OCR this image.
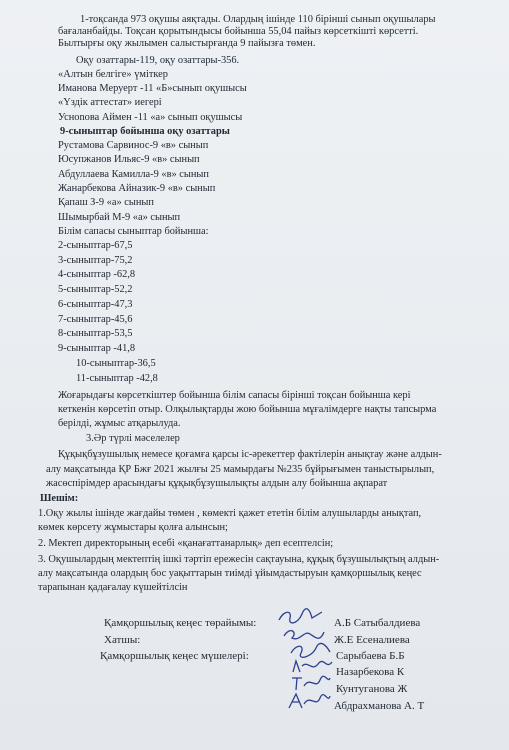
1-тоқсанда 973 оқушы аяқтады. Олардың ішінде 110 бірінші сынып оқушылары
бағаланбайды. Тоқсан қорытындысы бойынша 55,04 пайыз көрсеткішті көрсетті.
Былтырғы оқу жылымен салыстырғанда 9 пайызға төмен.
Оқу озаттары-119, оқу озаттары-356.
«Алтын белгіге» үміткер
Иманова Меруерт -11 «Б»сынып оқушысы
«Үздік аттестат» иегері
Усноnова Аймен -11 «а» сынып оқушысы
9-сыныптар бойынша оқу озаттары
Рустамова Сарвинос-9 «в» сынып
Юсупжанов Ильяс-9 «в» сынып
Абдуллаева Камилла-9 «в» сынып
Жанарбекова Айназик-9 «в» сынып
Қапаш З-9 «а» сынып
Шымырбай М-9 «а» сынып
Білім сапасы сыныптар бойынша:
2-сыныптар-67,5
3-сыныптар-75,2
4-сыныптар -62,8
5-сыныптар-52,2
6-сыныптар-47,3
7-сыныптар-45,6
8-сыныптар-53,5
9-сыныптар -41,8
10-сыныптар-36,5
11-сыныптар -42,8
Жоғарыдағы көрсеткіштер бойынша білім сапасы бірінші тоқсан бойынша кері
кеткенін көрсетіп отыр. Олқылықтарды жою бойынша мұғалімдерге нақты тапсырма
берілді, жұмыс атқарылуда.
3.Әр түрлі мәселелер
Құқықбұзушылық немесе қоғамға қарсы іс-әрекеттер фактілерін анықтау және алдын-
алу мақсатында ҚР Бжғ 2021 жылғы 25 мамырдағы №235 бұйрығымен таныстырылып,
жасөспірімдер арасындағы құқықбұзушылықты алдын алу бойынша ақпарат
Шешім:
1.Оқу жылы ішінде жағдайы төмен , көмекті қажет ететін білім алушыларды анықтап,
көмек көрсету жұмыстары қолға алынсын;
2. Мектеп директорының есебі «қанағаттанарлық» деп есептелсін;
3. Оқушылардың мектептің ішкі тәртіп ережесін сақтауына, құқық бұзушылықтың алдын-
алу мақсатында олардың бос уақыттарын тиімді ұйымдастыруын қамқоршылық кеңес
тарапынан қадағалау күшейтілсін
Қамқоршылық кеңес төрайымы:	А.Б Сатыбалдиева
Хатшы:	Ж.Е Есеналиева
Қамқоршылық кеңес мүшелері:	Сарыбаева Б.Б
Назарбекова К
Кунтуганова Ж
Абдрахманова А. Т
